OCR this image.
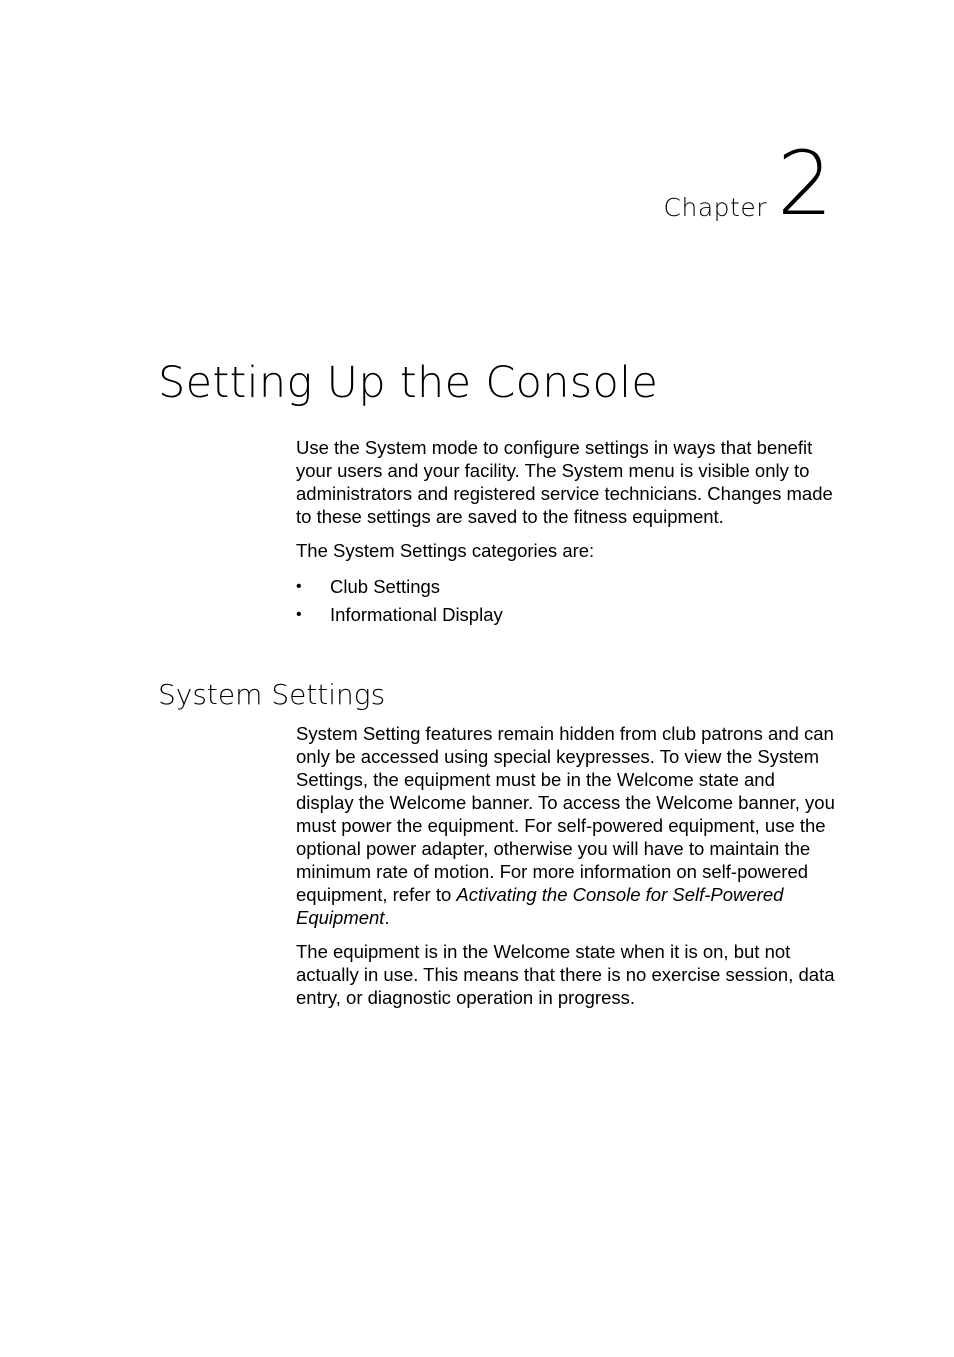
Chapter 2
Setting Up the Console

Use the System mode to configure settings in ways that benefit your users and your facility. The System menu is visible only to administrators and registered service technicians. Changes made to these settings are saved to the fitness equipment.

The System Settings categories are:

• Club Settings
• Informational Display
System Settings

System Setting features remain hidden from club patrons and can only be accessed using special keypresses. To view the System Settings, the equipment must be in the Welcome state and display the Welcome banner. To access the Welcome banner, you must power the equipment. For self-powered equipment, use the optional power adapter, otherwise you will have to maintain the minimum rate of motion. For more information on self-powered equipment, refer to Activating the Console for Self-Powered Equipment.

The equipment is in the Welcome state when it is on, but not actually in use. This means that there is no exercise session, data entry, or diagnostic operation in progress.
